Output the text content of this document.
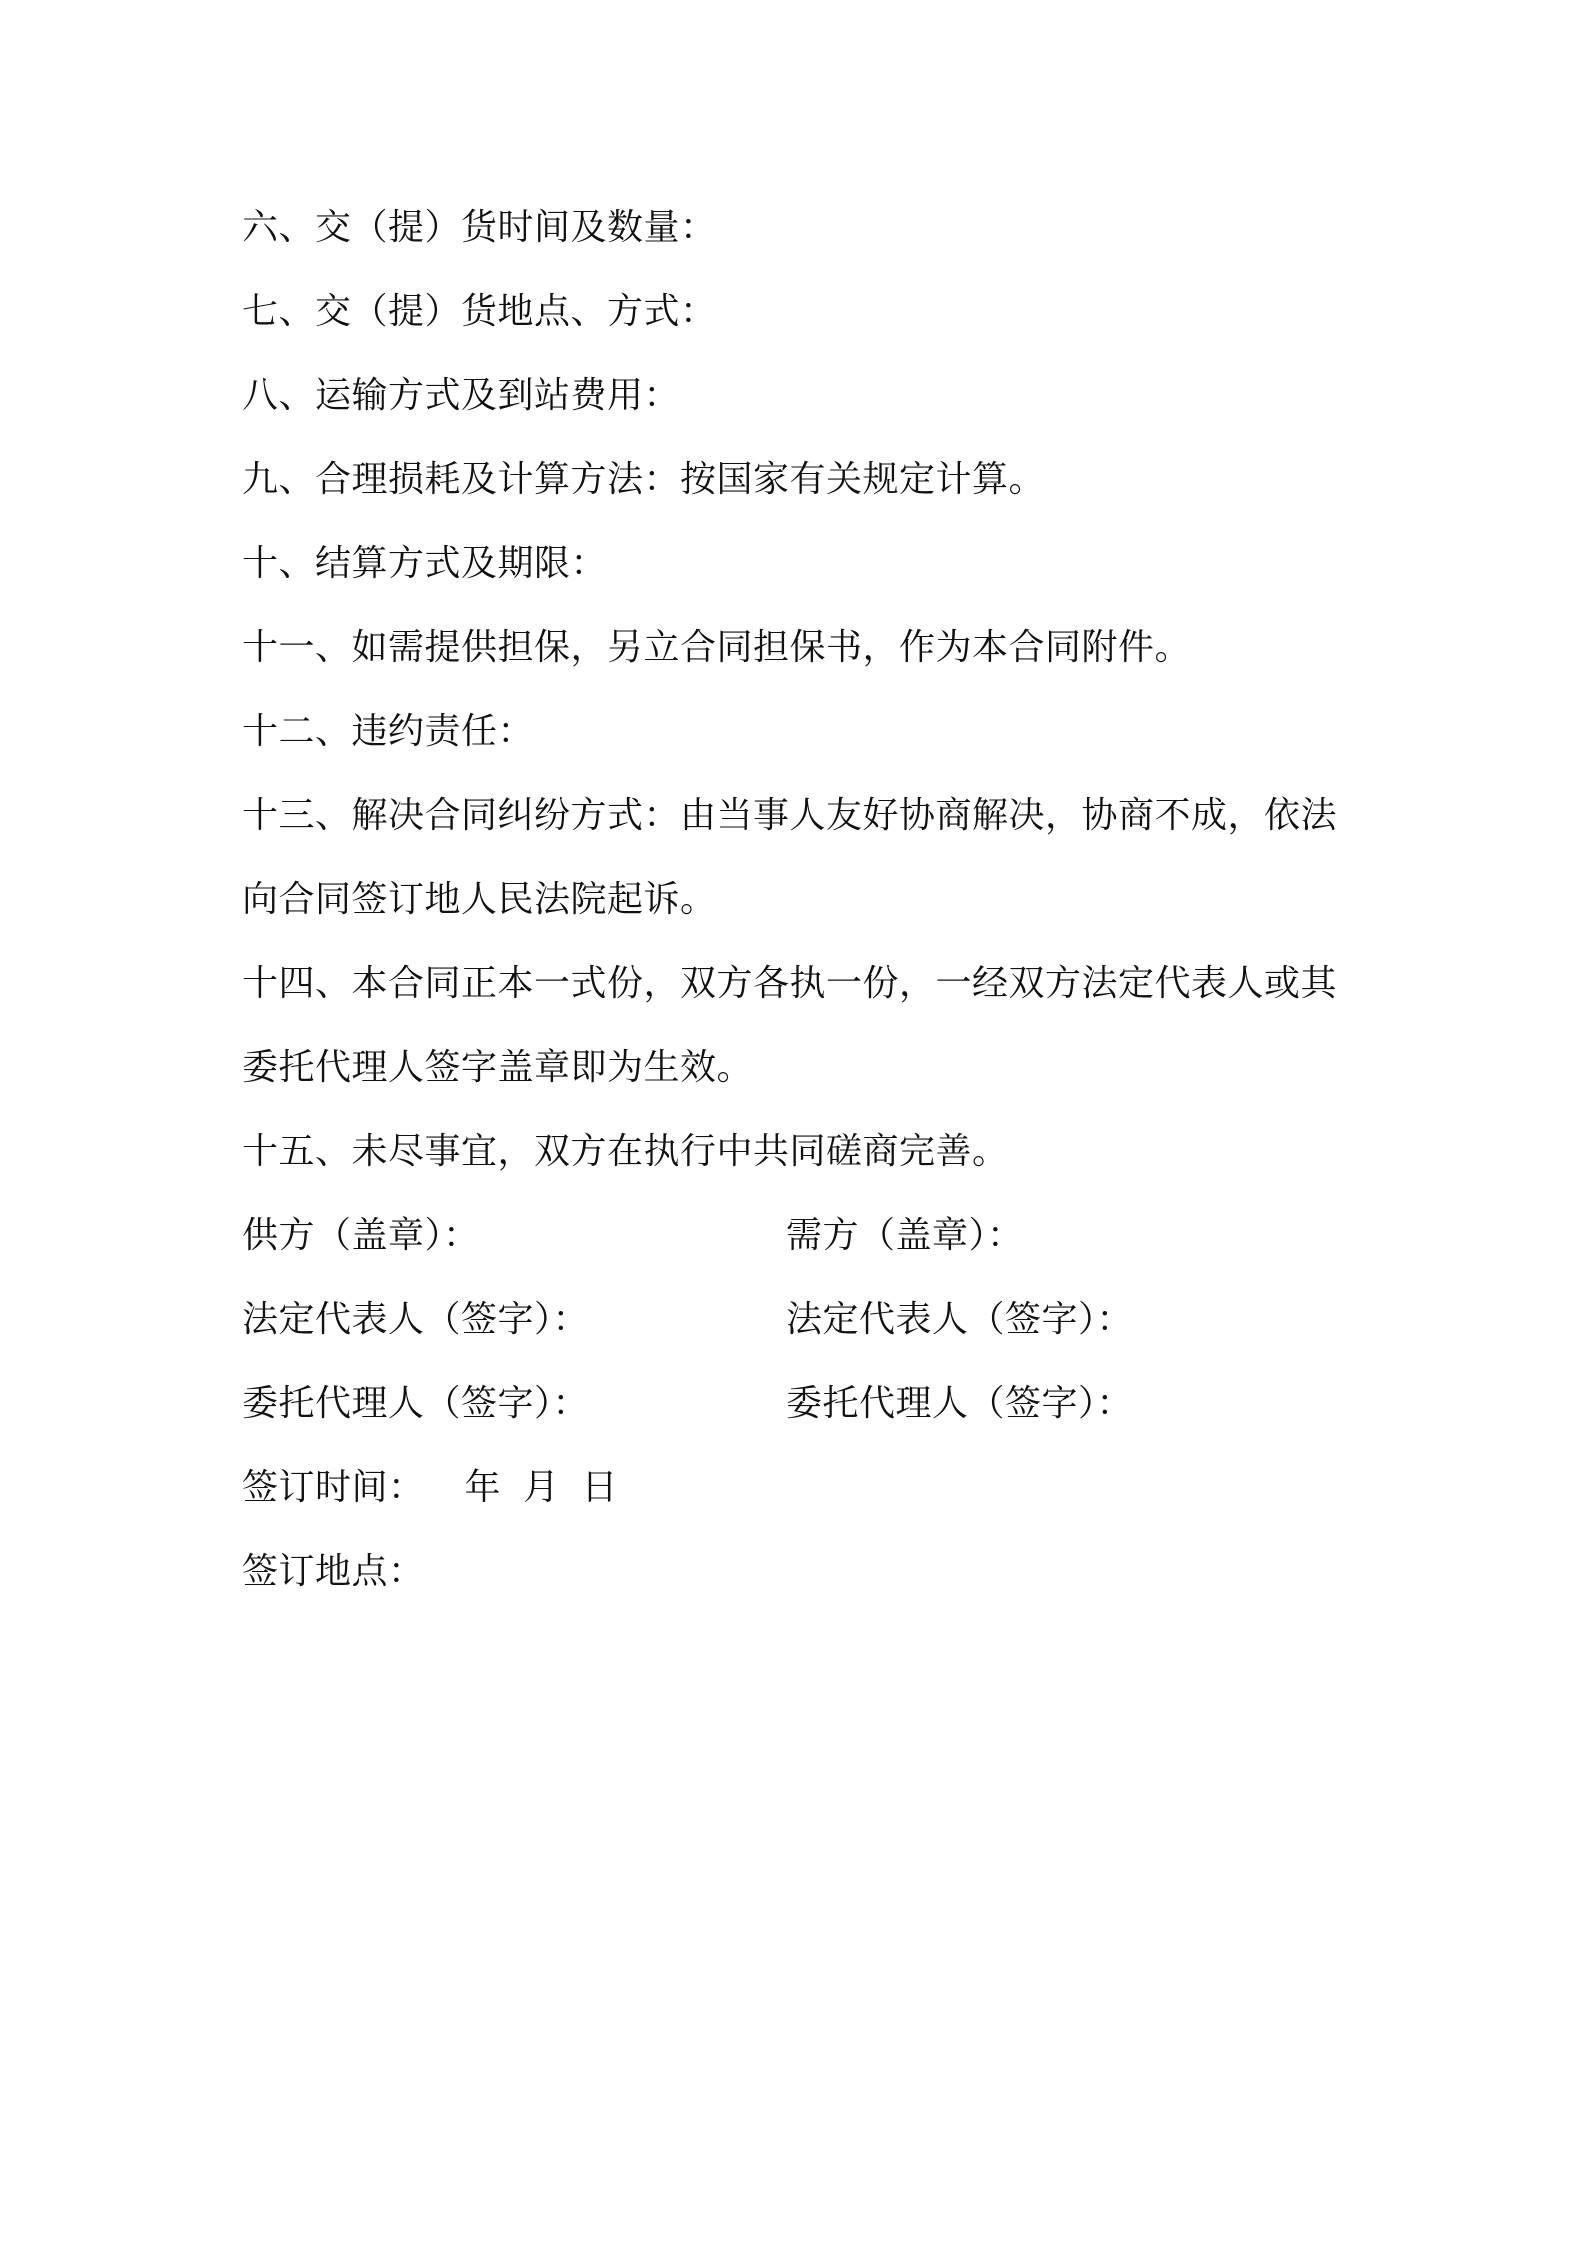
六、交（提）货时间及数量：
七、交（提）货地点、方式：
八、运输方式及到站费用：
九、合理损耗及计算方法：按国家有关规定计算。
十、结算方式及期限：
十一、如需提供担保，另立合同担保书，作为本合同附件。
十二、违约责任：
十三、解决合同纠纷方式：由当事人友好协商解决，协商不成，依法
向合同签订地人民法院起诉。
十四、本合同正本一式份，双方各执一份，一经双方法定代表人或其
委托代理人签字盖章即为生效。
十五、未尽事宜，双方在执行中共同磋商完善。
供方（盖章）：	需方（盖章）：
法定代表人（签字）：	法定代表人（签字）：
委托代理人（签字）：	委托代理人（签字）：
签订时间： 年 月 日
签订地点：
